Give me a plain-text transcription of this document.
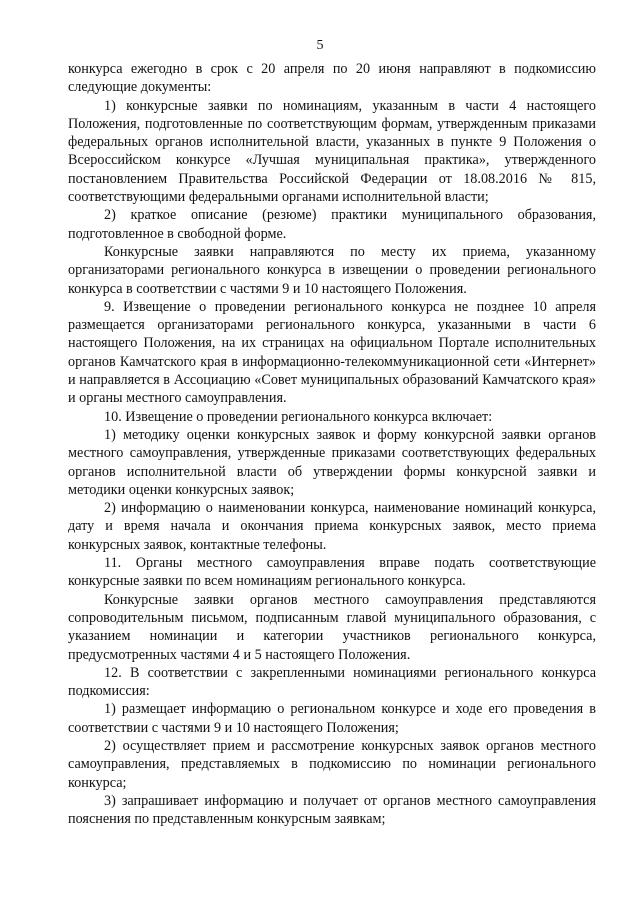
5

конкурса ежегодно в срок с 20 апреля по 20 июня направляют в подкомиссию следующие документы:

1) конкурсные заявки по номинациям, указанным в части 4 настоящего Положения, подготовленные по соответствующим формам, утвержденным приказами федеральных органов исполнительной власти, указанных в пункте 9 Положения о Всероссийском конкурсе «Лучшая муниципальная практика», утвержденного постановлением Правительства Российской Федерации от 18.08.2016 № 815, соответствующими федеральными органами исполнительной власти;

2) краткое описание (резюме) практики муниципального образования, подготовленное в свободной форме.

Конкурсные заявки направляются по месту их приема, указанному организаторами регионального конкурса в извещении о проведении регионального конкурса в соответствии с частями 9 и 10 настоящего Положения.

9. Извещение о проведении регионального конкурса не позднее 10 апреля размещается организаторами регионального конкурса, указанными в части 6 настоящего Положения, на их страницах на официальном Портале исполнительных органов Камчатского края в информационно-телекоммуникационной сети «Интернет» и направляется в Ассоциацию «Совет муниципальных образований Камчатского края» и органы местного самоуправления.

10. Извещение о проведении регионального конкурса включает:

1) методику оценки конкурсных заявок и форму конкурсной заявки органов местного самоуправления, утвержденные приказами соответствующих федеральных органов исполнительной власти об утверждении формы конкурсной заявки и методики оценки конкурсных заявок;

2) информацию о наименовании конкурса, наименование номинаций конкурса, дату и время начала и окончания приема конкурсных заявок, место приема конкурсных заявок, контактные телефоны.

11. Органы местного самоуправления вправе подать соответствующие конкурсные заявки по всем номинациям регионального конкурса.

Конкурсные заявки органов местного самоуправления представляются сопроводительным письмом, подписанным главой муниципального образования, с указанием номинации и категории участников регионального конкурса, предусмотренных частями 4 и 5 настоящего Положения.

12. В соответствии с закрепленными номинациями регионального конкурса подкомиссия:

1) размещает информацию о региональном конкурсе и ходе его проведения в соответствии с частями 9 и 10 настоящего Положения;

2) осуществляет прием и рассмотрение конкурсных заявок органов местного самоуправления, представляемых в подкомиссию по номинации регионального конкурса;

3) запрашивает информацию и получает от органов местного самоуправления пояснения по представленным конкурсным заявкам;
